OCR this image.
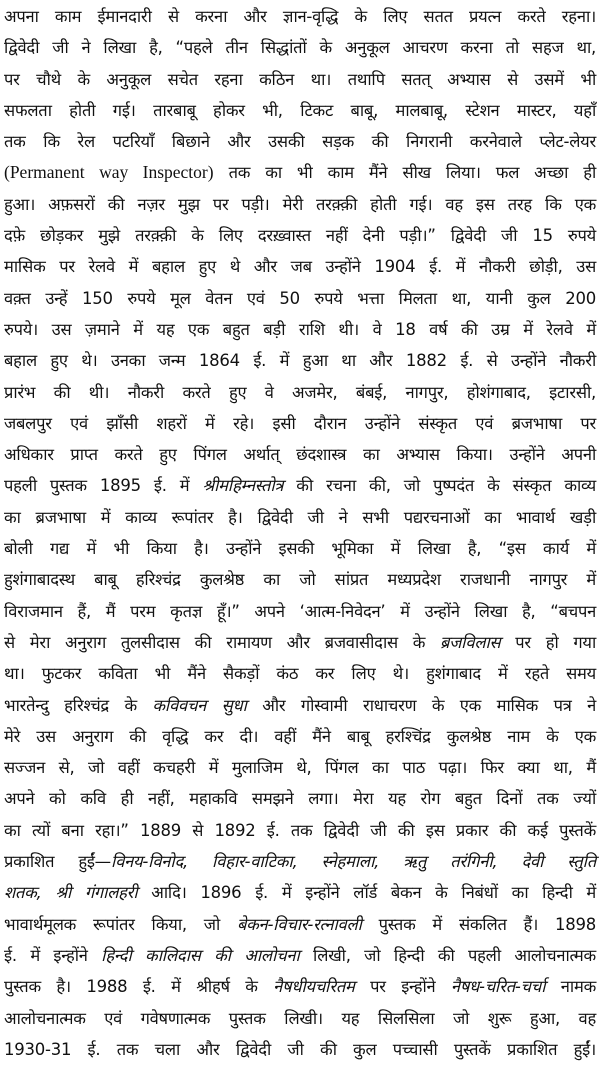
अपना काम ईमानदारी से करना और ज्ञान-वृद्धि के लिए सतत प्रयत्न करते रहना।
द्विवेदी जी ने लिखा है, “पहले तीन सिद्धांतों के अनुकूल आचरण करना तो सहज था,
पर चौथे के अनुकूल सचेत रहना कठिन था। तथापि सतत् अभ्यास से उसमें भी
सफलता होती गई। तारबाबू होकर भी, टिकट बाबू, मालबाबू, स्टेशन मास्टर, यहाँ
तक कि रेल पटरियाँ बिछाने और उसकी सड़क की निगरानी करनेवाले प्लेट-लेयर
(Permanent way Inspector) तक का भी काम मैंने सीख लिया। फल अच्छा ही
हुआ। अफ़सरों की नज़र मुझ पर पड़ी। मेरी तरक़्क़ी होती गई। वह इस तरह कि एक
दफ़े छोड़कर मुझे तरक़्क़ी के लिए दरख़्वास्त नहीं देनी पड़ी।” द्विवेदी जी 15 रुपये
मासिक पर रेलवे में बहाल हुए थे और जब उन्होंने 1904 ई. में नौकरी छोड़ी, उस
वक़्त उन्हें 150 रुपये मूल वेतन एवं 50 रुपये भत्ता मिलता था, यानी कुल 200
रुपये। उस ज़माने में यह एक बहुत बड़ी राशि थी। वे 18 वर्ष की उम्र में रेलवे में
बहाल हुए थे। उनका जन्म 1864 ई. में हुआ था और 1882 ई. से उन्होंने नौकरी
प्रारंभ की थी। नौकरी करते हुए वे अजमेर, बंबई, नागपुर, होशंगाबाद, इटारसी,
जबलपुर एवं झाँसी शहरों में रहे। इसी दौरान उन्होंने संस्कृत एवं ब्रजभाषा पर
अधिकार प्राप्त करते हुए पिंगल अर्थात् छंदशास्त्र का अभ्यास किया। उन्होंने अपनी
पहली पुस्तक 1895 ई. में श्रीमहिम्नस्तोत्र की रचना की, जो पुष्पदंत के संस्कृत काव्य
का ब्रजभाषा में काव्य रूपांतर है। द्विवेदी जी ने सभी पद्यरचनाओं का भावार्थ खड़ी
बोली गद्य में भी किया है। उन्होंने इसकी भूमिका में लिखा है, “इस कार्य में
हुशंगाबादस्थ बाबू हरिश्चंद्र कुलश्रेष्ठ का जो सांप्रत मध्यप्रदेश राजधानी नागपुर में
विराजमान हैं, मैं परम कृतज्ञ हूँ।” अपने ‘आत्म-निवेदन’ में उन्होंने लिखा है, “बचपन
से मेरा अनुराग तुलसीदास की रामायण और ब्रजवासीदास के ब्रजविलास पर हो गया
था। फुटकर कविता भी मैंने सैकड़ों कंठ कर लिए थे। हुशंगाबाद में रहते समय
भारतेन्दु हरिश्चंद्र के कविवचन सुधा और गोस्वामी राधाचरण के एक मासिक पत्र ने
मेरे उस अनुराग की वृद्धि कर दी। वहीं मैंने बाबू हरश्चिंद्र कुलश्रेष्ठ नाम के एक
सज्जन से, जो वहीं कचहरी में मुलाजिम थे, पिंगल का पाठ पढ़ा। फिर क्या था, मैं
अपने को कवि ही नहीं, महाकवि समझने लगा। मेरा यह रोग बहुत दिनों तक ज्यों
का त्यों बना रहा।” 1889 से 1892 ई. तक द्विवेदी जी की इस प्रकार की कई पुस्तकें
प्रकाशित हुईं—विनय-विनोद, विहार-वाटिका, स्नेहमाला, ऋतु तरंगिनी, देवी स्तुति
शतक, श्री गंगालहरी आदि। 1896 ई. में इन्होंने लॉर्ड बेकन के निबंधों का हिन्दी में
भावार्थमूलक रूपांतर किया, जो बेकन-विचार-रत्नावली पुस्तक में संकलित हैं। 1898
ई. में इन्होंने हिन्दी कालिदास की आलोचना लिखी, जो हिन्दी की पहली आलोचनात्मक
पुस्तक है। 1988 ई. में श्रीहर्ष के नैषधीयचरितम पर इन्होंने नैषध-चरित-चर्चा नामक
आलोचनात्मक एवं गवेषणात्मक पुस्तक लिखी। यह सिलसिला जो शुरू हुआ, वह
1930-31 ई. तक चला और द्विवेदी जी की कुल पच्चासी पुस्तकें प्रकाशित हुईं।
